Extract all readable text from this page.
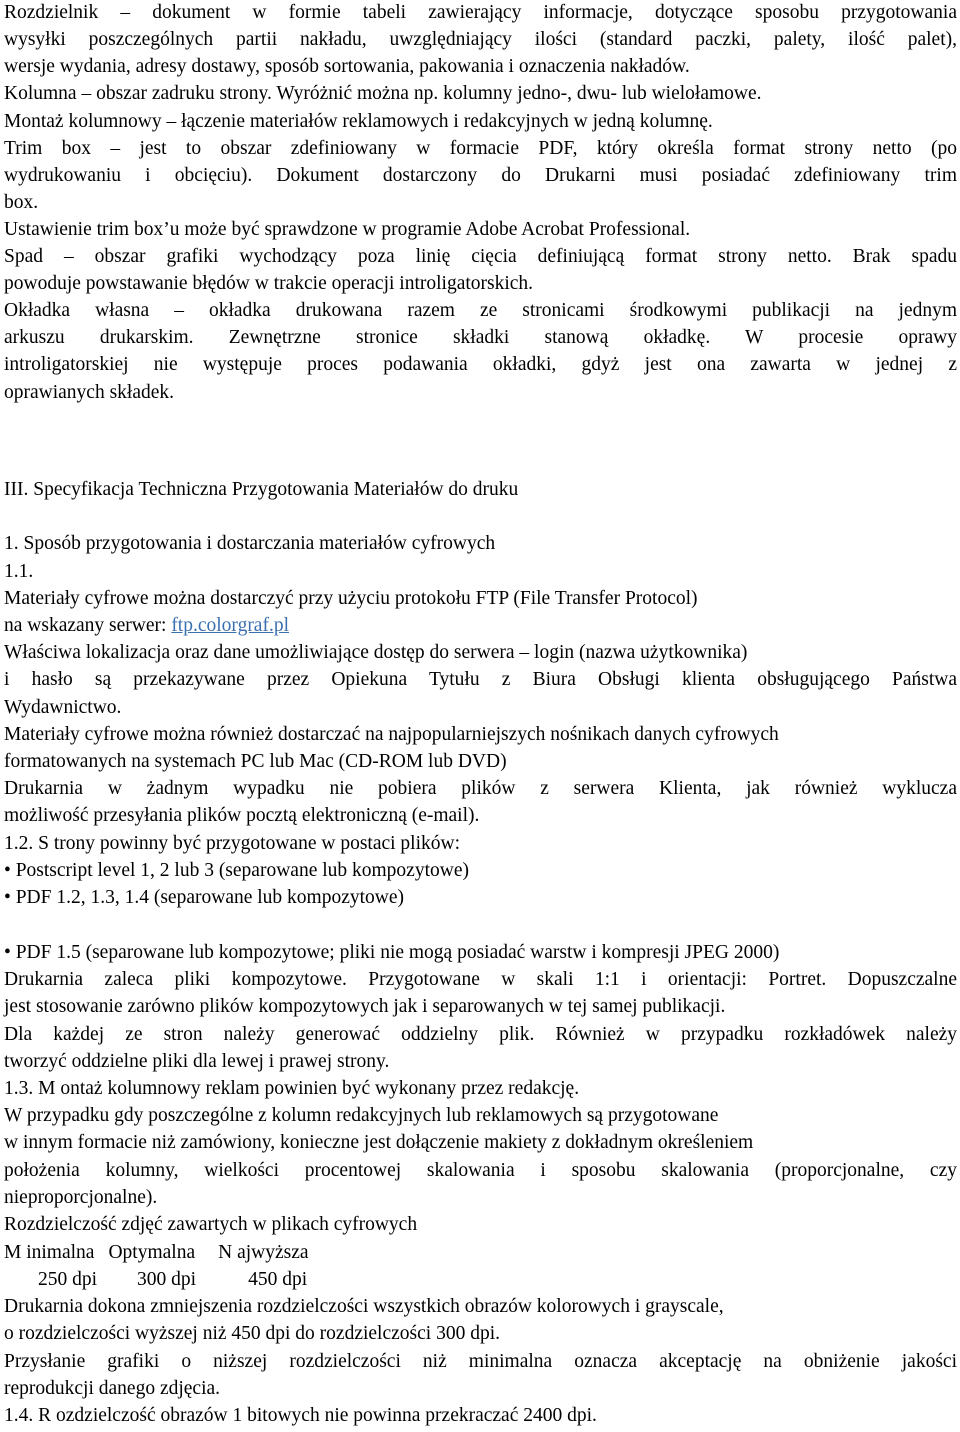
Rozdzielnik – dokument w formie tabeli zawierający informacje, dotyczące sposobu przygotowania
wysyłki poszczególnych partii nakładu, uwzględniający ilości (standard paczki, palety, ilość palet),
wersje wydania, adresy dostawy, sposób sortowania, pakowania i oznaczenia nakładów.
Kolumna – obszar zadruku strony. Wyróżnić można np. kolumny jedno-, dwu- lub wielołamowe.
Montaż kolumnowy – łączenie materiałów reklamowych i redakcyjnych w jedną kolumnę.
Trim box – jest to obszar zdefiniowany w formacie PDF, który określa format strony netto (po
wydrukowaniu i obcięciu). Dokument dostarczony do Drukarni musi posiadać zdefiniowany trim
box.
Ustawienie trim box’u może być sprawdzone w programie Adobe Acrobat Professional.
Spad – obszar grafiki wychodzący poza linię cięcia definiującą format strony netto. Brak spadu
powoduje powstawanie błędów w trakcie operacji introligatorskich.
Okładka własna – okładka drukowana razem ze stronicami środkowymi publikacji na jednym
arkuszu drukarskim. Zewnętrzne stronice składki stanową okładkę. W procesie oprawy
introligatorskiej nie występuje proces podawania okładki, gdyż jest ona zawarta w jednej z
oprawianych składek.
III. Specyfikacja Techniczna Przygotowania Materiałów do druku
1. Sposób przygotowania i dostarczania materiałów cyfrowych
1.1.
Materiały cyfrowe można dostarczyć przy użyciu protokołu FTP (File Transfer Protocol)
na wskazany serwer: ftp.colorgraf.pl
Właściwa lokalizacja oraz dane umożliwiające dostęp do serwera – login (nazwa użytkownika)
i hasło są przekazywane przez Opiekuna Tytułu z Biura Obsługi klienta obsługującego Państwa
Wydawnictwo.
Materiały cyfrowe można również dostarczać na najpopularniejszych nośnikach danych cyfrowych
formatowanych na systemach PC lub Mac (CD-ROM lub DVD)
Drukarnia w żadnym wypadku nie pobiera plików z serwera Klienta, jak również wyklucza
możliwość przesyłania plików pocztą elektroniczną (e-mail).
1.2. S trony powinny być przygotowane w postaci plików:
• Postscript level 1, 2 lub 3 (separowane lub kompozytowe)
• PDF 1.2, 1.3, 1.4 (separowane lub kompozytowe)
• PDF 1.5 (separowane lub kompozytowe; pliki nie mogą posiadać warstw i kompresji JPEG 2000)
Drukarnia zaleca pliki kompozytowe. Przygotowane w skali 1:1 i orientacji: Portret. Dopuszczalne
jest stosowanie zarówno plików kompozytowych jak i separowanych w tej samej publikacji.
Dla każdej ze stron należy generować oddzielny plik. Również w przypadku rozkładówek należy
tworzyć oddzielne pliki dla lewej i prawej strony.
1.3. M ontaż kolumnowy reklam powinien być wykonany przez redakcję.
W przypadku gdy poszczególne z kolumn redakcyjnych lub reklamowych są przygotowane
w innym formacie niż zamówiony, konieczne jest dołączenie makiety z dokładnym określeniem
położenia kolumny, wielkości procentowej skalowania i sposobu skalowania (proporcjonalne, czy
nieproporcjonalne).
Rozdzielczość zdjęć zawartych w plikach cyfrowych
M inimalna Optymalna N ajwyższa
250 dpi 300 dpi	450 dpi
Drukarnia dokona zmniejszenia rozdzielczości wszystkich obrazów kolorowych i grayscale,
o rozdzielczości wyższej niż 450 dpi do rozdzielczości 300 dpi.
Przysłanie grafiki o niższej rozdzielczości niż minimalna oznacza akceptację na obniżenie jakości
reprodukcji danego zdjęcia.
1.4. R ozdzielczość obrazów 1 bitowych nie powinna przekraczać 2400 dpi.
